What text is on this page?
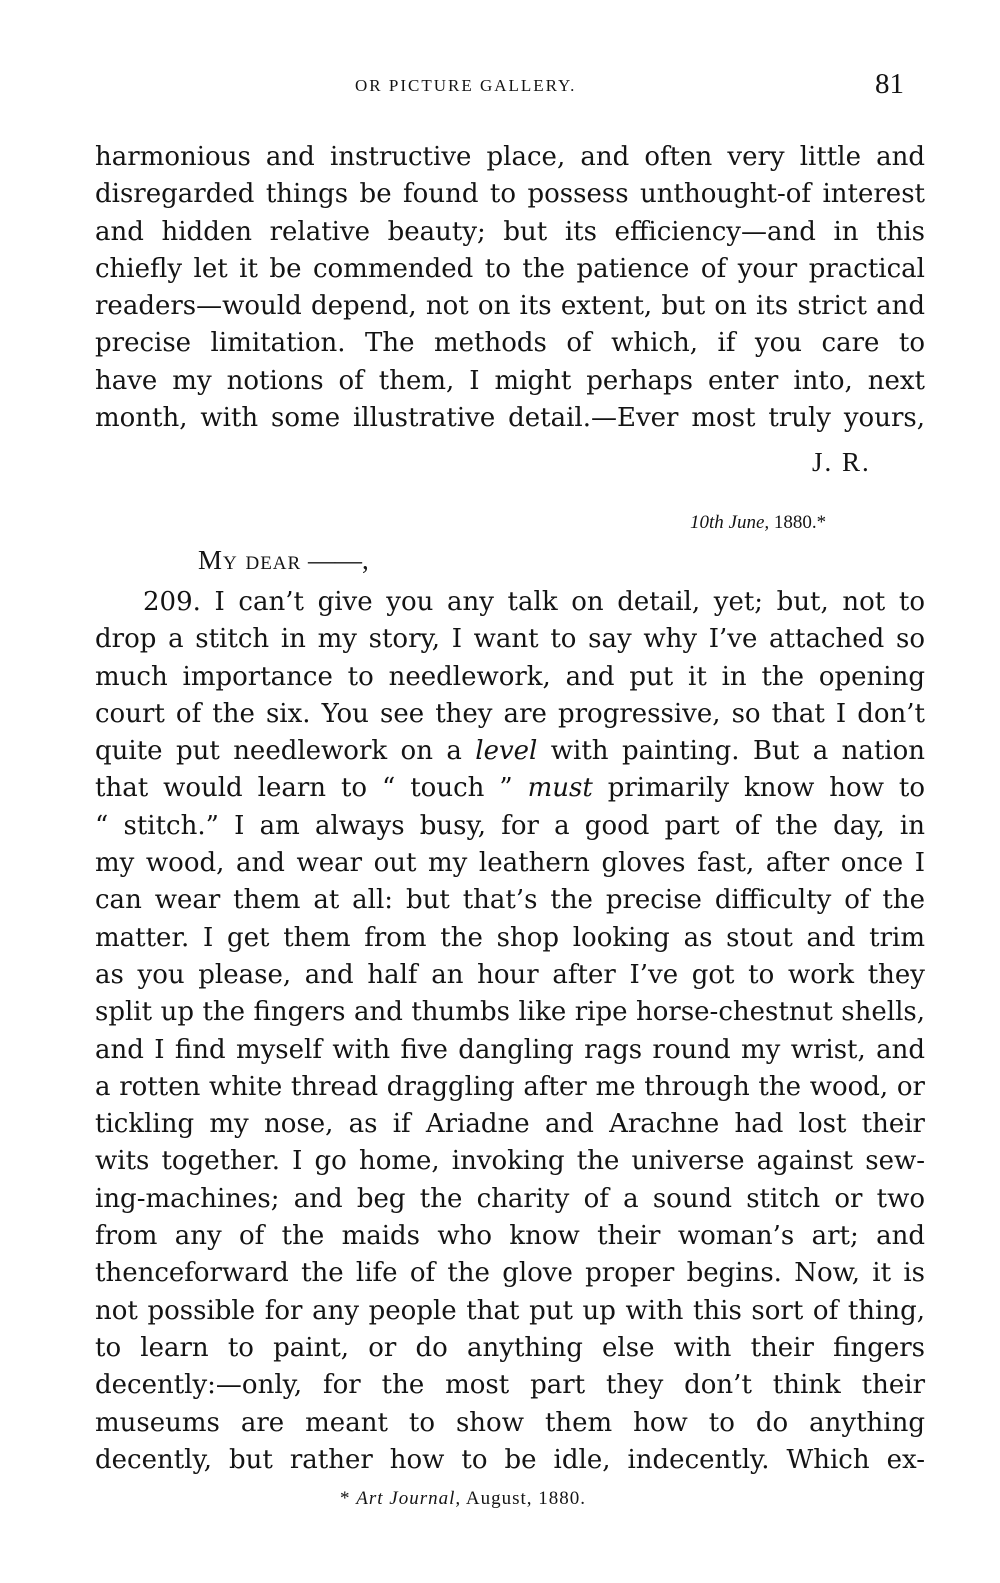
OR PICTURE GALLERY.	81
harmonious and instructive place, and often very little and
disregarded things be found to possess unthought-of interest
and hidden relative beauty; but its efficiency—and in this
chiefly let it be commended to the patience of your practical
readers—would depend, not on its extent, but on its strict and
precise limitation. The methods of which, if you care to
have my notions of them, I might perhaps enter into, next
month, with some illustrative detail.—Ever most truly yours,
J. R.
10th June, 1880.*
My dear ——,
209. I can’t give you any talk on detail, yet; but, not to
drop a stitch in my story, I want to say why I’ve attached so
much importance to needlework, and put it in the opening
court of the six. You see they are progressive, so that I don’t
quite put needlework on a level with painting. But a nation
that would learn to “ touch ” must primarily know how to
“ stitch.” I am always busy, for a good part of the day, in
my wood, and wear out my leathern gloves fast, after once I
can wear them at all: but that’s the precise difficulty of the
matter. I get them from the shop looking as stout and trim
as you please, and half an hour after I’ve got to work they
split up the fingers and thumbs like ripe horse-chestnut shells,
and I find myself with five dangling rags round my wrist, and
a rotten white thread draggling after me through the wood, or
tickling my nose, as if Ariadne and Arachne had lost their
wits together. I go home, invoking the universe against sew-
ing-machines; and beg the charity of a sound stitch or two
from any of the maids who know their woman’s art; and
thenceforward the life of the glove proper begins. Now, it is
not possible for any people that put up with this sort of thing,
to learn to paint, or do anything else with their fingers
decently:—only, for the most part they don’t think their
museums are meant to show them how to do anything
decently, but rather how to be idle, indecently. Which ex-
* Art Journal, August, 1880.
